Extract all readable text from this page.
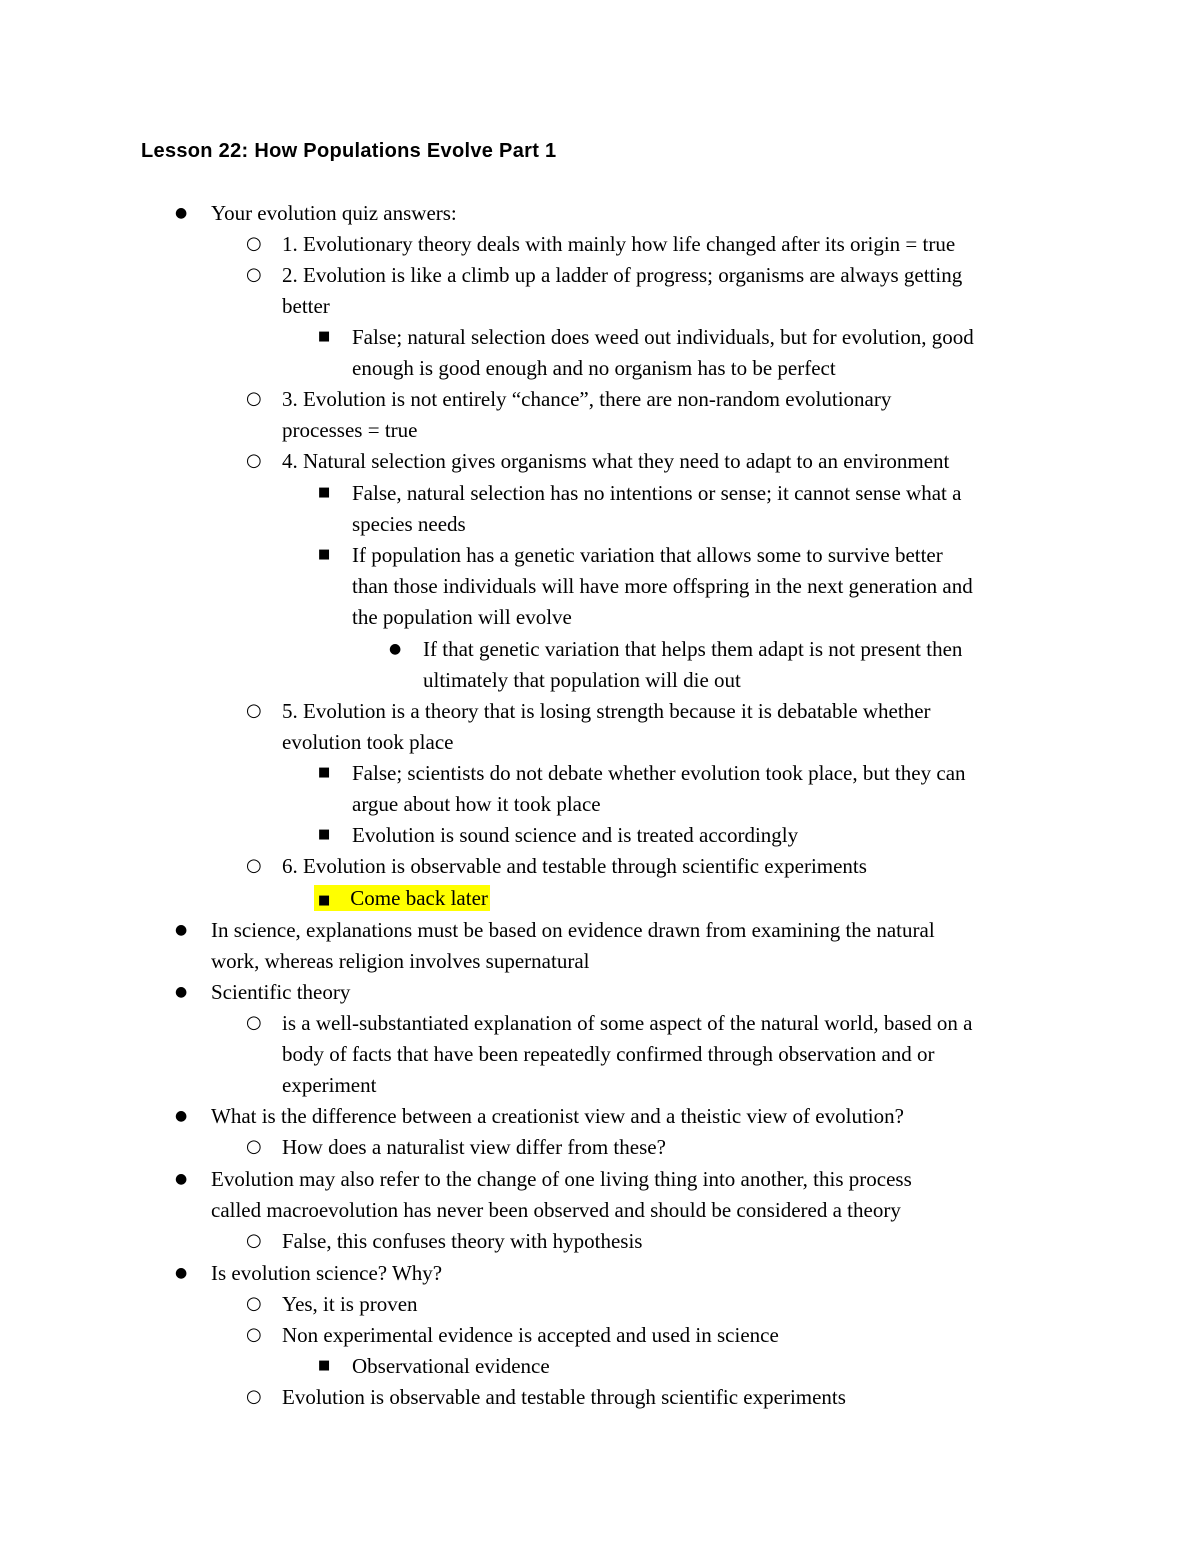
Lesson 22: How Populations Evolve Part 1
● Your evolution quiz answers:
○ 1. Evolutionary theory deals with mainly how life changed after its origin = true
○ 2. Evolution is like a climb up a ladder of progress; organisms are always getting
better
■ False; natural selection does weed out individuals, but for evolution, good
enough is good enough and no organism has to be perfect
○ 3. Evolution is not entirely “chance”, there are non-random evolutionary
processes = true
○ 4. Natural selection gives organisms what they need to adapt to an environment
■ False, natural selection has no intentions or sense; it cannot sense what a
species needs
■ If population has a genetic variation that allows some to survive better
than those individuals will have more offspring in the next generation and
the population will evolve
● If that genetic variation that helps them adapt is not present then
ultimately that population will die out
○ 5. Evolution is a theory that is losing strength because it is debatable whether
evolution took place
■ False; scientists do not debate whether evolution took place, but they can
argue about how it took place
■ Evolution is sound science and is treated accordingly
○ 6. Evolution is observable and testable through scientific experiments
■ Come back later
● In science, explanations must be based on evidence drawn from examining the natural
work, whereas religion involves supernatural
● Scientific theory
○ is a well-substantiated explanation of some aspect of the natural world, based on a
body of facts that have been repeatedly confirmed through observation and or
experiment
● What is the difference between a creationist view and a theistic view of evolution?
○ How does a naturalist view differ from these?
● Evolution may also refer to the change of one living thing into another, this process
called macroevolution has never been observed and should be considered a theory
○ False, this confuses theory with hypothesis
● Is evolution science? Why?
○ Yes, it is proven
○ Non experimental evidence is accepted and used in science
■ Observational evidence
○ Evolution is observable and testable through scientific experiments
